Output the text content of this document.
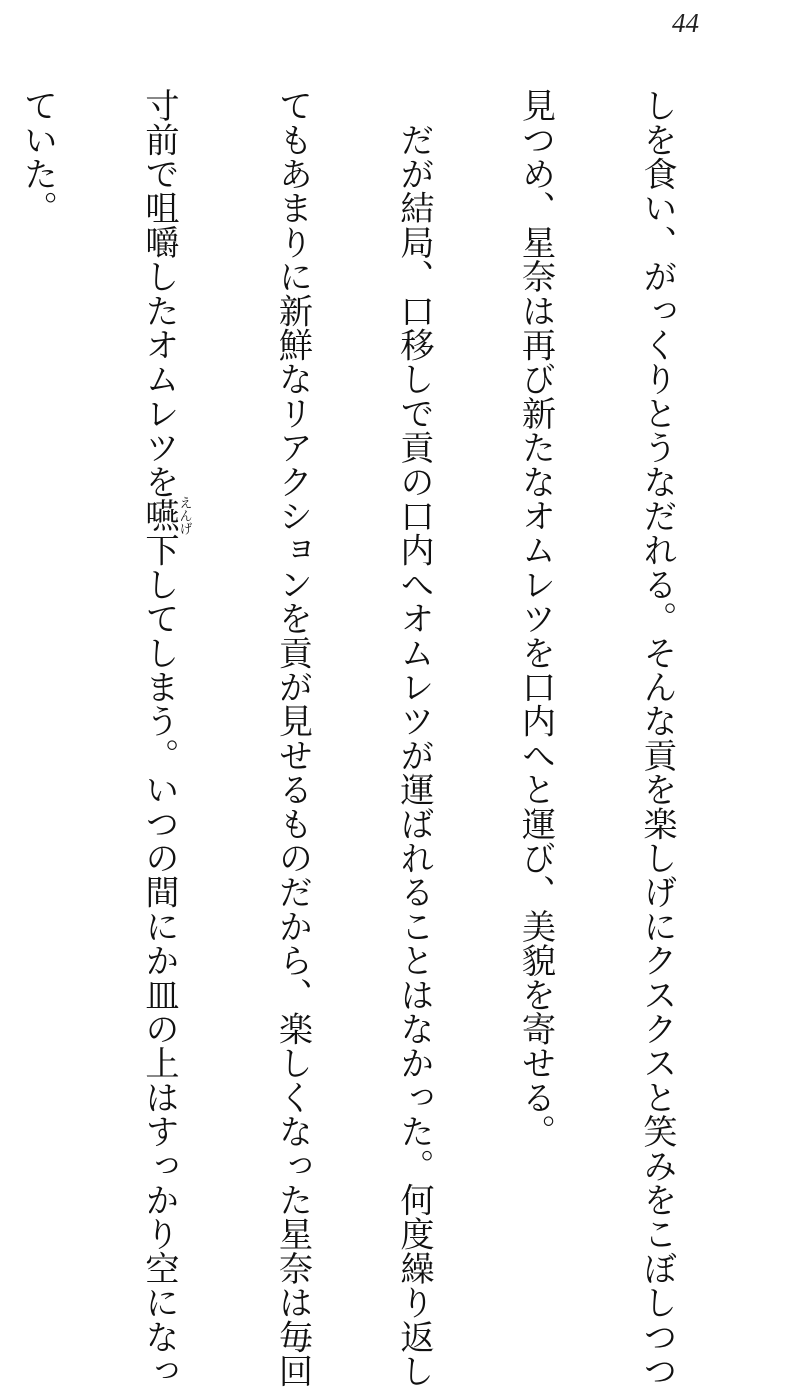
44

しを食い、がっくりとうなだれる。そんな貢を楽しげにクスクスと笑みをこぼしつつ

見つめ、星奈は再び新たなオムレツを口内へと運び、美貌を寄せる。

　だが結局、口移しで貢の口内へオムレツが運ばれることはなかった。何度繰り返し

てもあまりに新鮮なリアクションを貢が見せるものだから、楽しくなった星奈は毎回

寸前で咀嚼したオムレツを嚥えんげ下してしまう。いつの間にか皿の上はすっかり空になっ

ていた。
